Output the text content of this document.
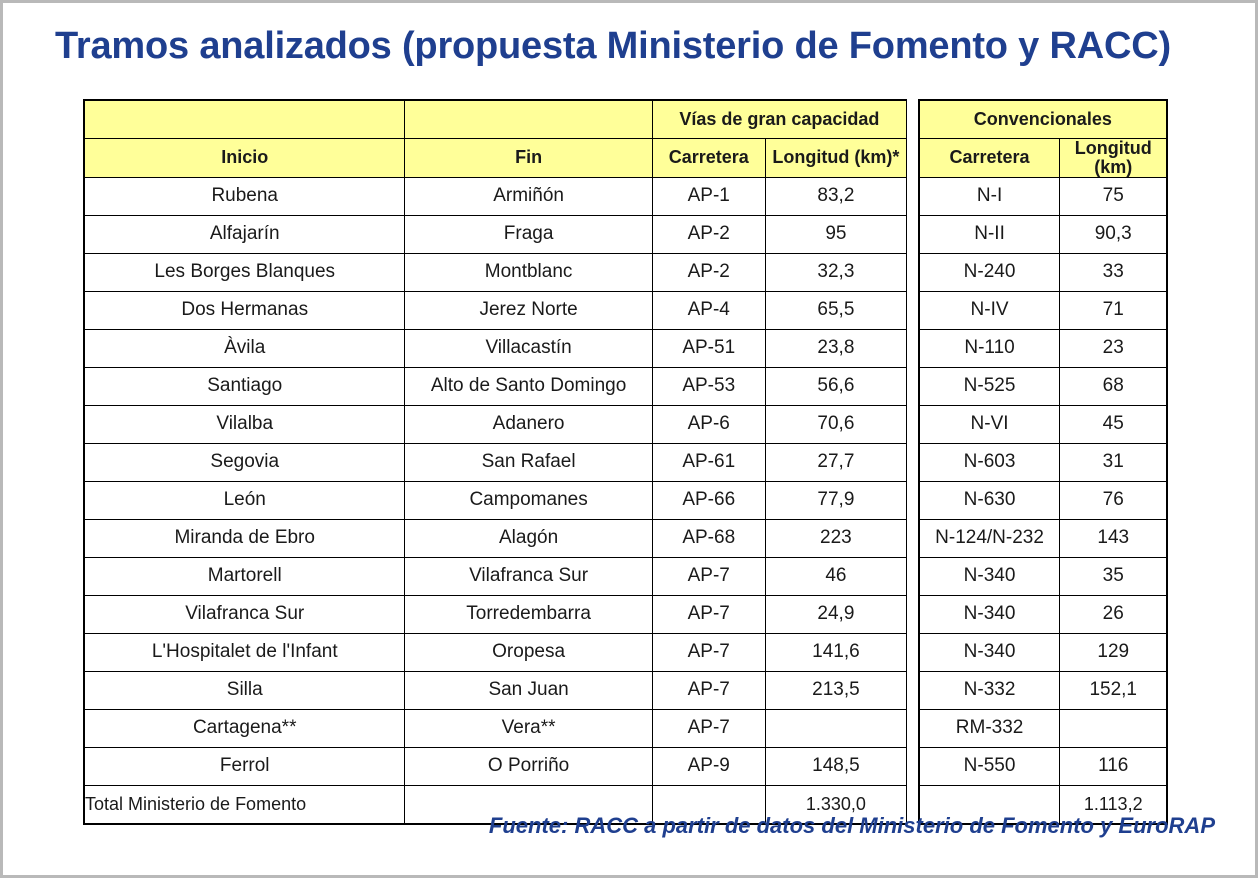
Tramos analizados (propuesta Ministerio de Fomento y RACC)
		Vías de gran capacidad			Convencionales	
Inicio	Fin	Carretera	Longitud (km)*		Carretera	Longitud (km)
Rubena	Armiñón	AP-1	83,2		N-I	75
Alfajarín	Fraga	AP-2	95		N-II	90,3
Les Borges Blanques	Montblanc	AP-2	32,3		N-240	33
Dos Hermanas	Jerez Norte	AP-4	65,5		N-IV	71
Àvila	Villacastín	AP-51	23,8		N-110	23
Santiago	Alto de Santo Domingo	AP-53	56,6		N-525	68
Vilalba	Adanero	AP-6	70,6		N-VI	45
Segovia	San Rafael	AP-61	27,7		N-603	31
León	Campomanes	AP-66	77,9		N-630	76
Miranda de Ebro	Alagón	AP-68	223		N-124/N-232	143
Martorell	Vilafranca Sur	AP-7	46		N-340	35
Vilafranca Sur	Torredembarra	AP-7	24,9		N-340	26
L'Hospitalet de l'Infant	Oropesa	AP-7	141,6		N-340	129
Silla	San Juan	AP-7	213,5		N-332	152,1
Cartagena**	Vera**	AP-7			RM-332	
Ferrol	O Porriño	AP-9	148,5		N-550	116
Total Ministerio de Fomento			1.330,0			1.113,2
Fuente: RACC a partir de datos del Ministerio de Fomento y EuroRAP
